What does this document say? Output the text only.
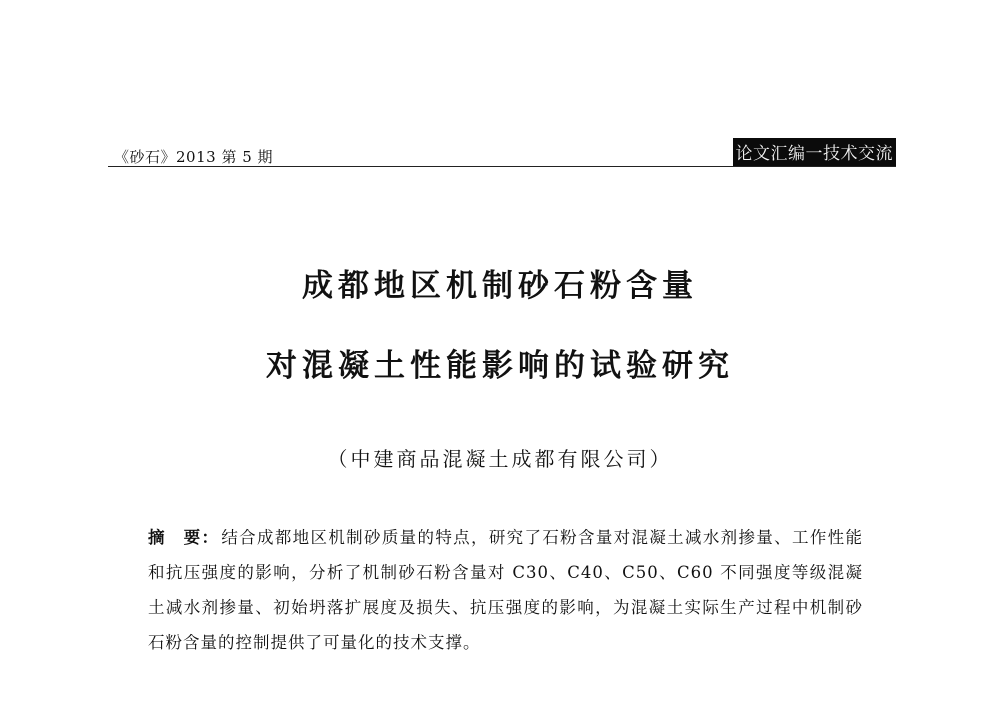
《砂石》2013 第 5 期	论文汇编一技术交流
成都地区机制砂石粉含量
对混凝土性能影响的试验研究
（中建商品混凝土成都有限公司）
摘　要： 结合成都地区机制砂质量的特点，研究了石粉含量对混凝土减水剂掺量、工作性能和抗压强度的影响，分析了机制砂石粉含量对 C30、C40、C50、C60 不同强度等级混凝土减水剂掺量、初始坍落扩展度及损失、抗压强度的影响，为混凝土实际生产过程中机制砂石粉含量的控制提供了可量化的技术支撑。
